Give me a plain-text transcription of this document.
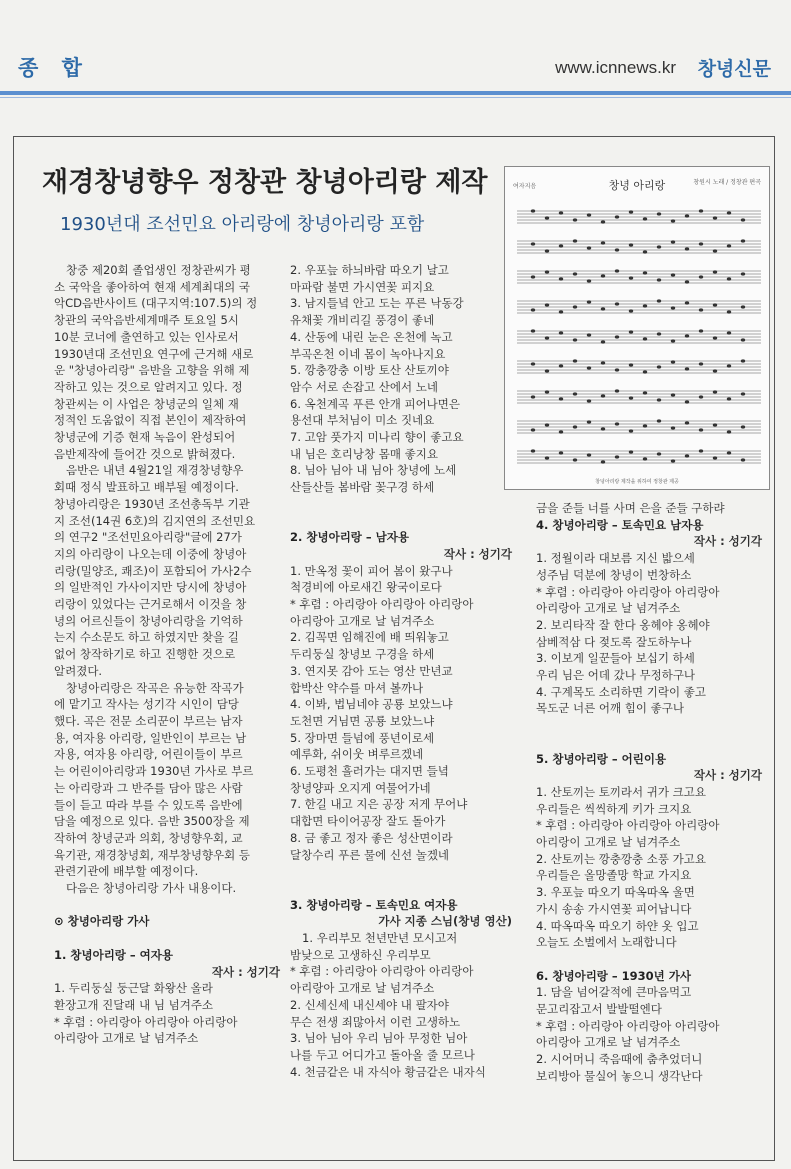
종 합	www.icnnews.kr 창녕신문
재경창녕향우 정창관 창녕아리랑 제작
1930년대 조선민요 아리랑에 창녕아리랑 포함
창녕 아리랑
여자지음
창원시 노래 / 정창관 편곡
창녕아리랑 제작을 위하여 정창관 제공

창중 제20회 졸업생인 정창관씨가 평

소 국악을 좋아하여 현재 세계최대의 국

악CD음반사이트 (대구지역:107.5)의 정

창관의 국악음반세계매주 토요일 5시

10분 코너에 출연하고 있는 인사로서

1930년대 조선민요 연구에 근거해 새로

운 "창녕아리랑" 음반을 고향을 위해 제

작하고 있는 것으로 알려지고 있다. 정

창관씨는 이 사업은 창녕군의 일체 재

정적인 도움없이 직접 본인이 제작하여

창녕군에 기증 현재 녹음이 완성되어

음반제작에 들어간 것으로 밝혀졌다.

음반은 내년 4월21일 재경창녕향우

회때 정식 발표하고 배부될 예정이다.

창녕아리랑은 1930년 조선총독부 기관

지 조선(14권 6호)의 김지연의 조선민요

의 연구2 "조선민요아리랑"글에 27가

지의 아리랑이 나오는데 이중에 창녕아

리랑(밀양조, 쾌조)이 포함되어 가사2수

의 일반적인 가사이지만 당시에 창녕아

리랑이 있었다는 근거로해서 이것을 창

녕의 어르신들이 창녕아리랑을 기억하

는지 수소문도 하고 하였지만 찾을 길

없어 창작하기로 하고 진행한 것으로

알려졌다.

창녕아리랑은 작곡은 유능한 작곡가

에 맡기고 작사는 성기각 시인이 담당

했다. 곡은 전문 소리꾼이 부르는 남자

용, 여자용 아리랑, 일반인이 부르는 남

자용, 여자용 아리랑, 어린이들이 부르

는 어린이아리랑과 1930년 가사로 부르

는 아리랑과 그 반주를 담아 많은 사람

들이 듣고 따라 부를 수 있도록 음반에

담을 예정으로 있다. 음반 3500장을 제

작하여 창녕군과 의회, 창녕향우회, 교

육기관, 재경창녕회, 재부창녕향우회 등

관련기관에 배부할 예정이다.

다음은 창녕아리랑 가사 내용이다.

⊙ 창녕아리랑 가사

1. 창녕아리랑 – 여자용

작사 : 성기각

1. 두리둥실 둥근달 화왕산 올라

환장고개 진달래 내 님 넘겨주소

* 후렴 : 아리랑아 아리랑아 아리랑아

아리랑아 고개로 날 넘겨주소

2. 우포늪 하늬바람 따오기 날고

마파람 불면 가시연꽃 피지요

3. 남지들녘 안고 도는 푸른 낙동강

유채꽃 개비리길 풍경이 좋네

4. 산동에 내린 눈은 온천에 녹고

부곡온천 이네 몸이 녹아나지요

5. 깡충깡충 이방 토산 산토끼야

암수 서로 손잡고 산에서 노네

6. 옥천계곡 푸른 안개 피어나면은

용선대 부처님이 미소 짓네요

7. 고암 풋가지 미나리 향이 좋고요

내 님은 호리낭창 몸매 좋지요

8. 님아 님아 내 님아 창녕에 노세

산들산들 봄바람 꽃구경 하세

2. 창녕아리랑 – 남자용

작사 : 성기각

1. 만옥정 꽃이 피어 봄이 왔구나

척경비에 아로새긴 왕국이로다

* 후렴 : 아리랑아 아리랑아 아리랑아

아리랑아 고개로 날 넘겨주소

2. 김꼭면 임해진에 배 띄워놓고

두리둥실 창녕보 구경을 하세

3. 연지못 감아 도는 영산 만년교

합박산 약수를 마셔 볼까나

4. 이봐, 법님네야 공룡 보았느냐

도천면 거님면 공룡 보았느냐

5. 장마면 들넘에 풍년이로세

예루화, 쉬이웃 벼루르겠네

6. 도평천 흘러가는 대지면 들녘

창녕양파 오지게 여물어가네

7. 한길 내고 지은 공장 저게 무어냐

대합면 타이어공장 잘도 돌아가

8. 금 좋고 정자 좋은 성산면이라

달창수리 푸른 물에 신선 놀겠네

3. 창녕아리랑 – 토속민요 여자용

가사 지종 스님(창녕 영산)

1. 우리부모 천년만년 모시고저

밤낮으로 고생하신 우리부모

* 후렴 : 아리랑아 아리랑아 아리랑아

아리랑아 고개로 날 넘겨주소

2. 신세신세 내신세야 내 팔자야

무슨 전생 죄많아서 이런 고생하노

3. 님아 님아 우리 님아 무정한 님아

나를 두고 어디가고 돌아올 줄 모르나

4. 천금같은 내 자식아 황금같은 내자식

금을 준들 너를 사며 은을 준들 구하랴

4. 창녕아리랑 – 토속민요 남자용

작사 : 성기각

1. 정월이라 대보름 지신 밟으세

성주님 덕분에 창녕이 번창하소

* 후렴 : 아리랑아 아리랑아 아리랑아

아리랑아 고개로 날 넘겨주소

2. 보리타작 잘 한다 옹헤야 옹헤야

삼베적삼 다 젖도록 잘도하누나

3. 이보게 일꾼들아 보십기 하세

우리 님은 어데 갔나 무정하구나

4. 구계목도 소리하면 기락이 좋고

목도군 너른 어깨 힘이 좋구나

5. 창녕아리랑 – 어린이용

작사 : 성기각

1. 산토끼는 토끼라서 귀가 크고요

우리들은 씩씩하게 키가 크지요

* 후렴 : 아리랑아 아리랑아 아리랑아

아리랑이 고개로 날 넘겨주소

2. 산토끼는 깡충깡충 소풍 가고요

우리들은 올망졸망 학교 가지요

3. 우포늪 따오기 따옥따옥 울면

가시 송송 가시연꽃 피어납니다

4. 따옥따옥 따오기 하얀 옷 입고

오늘도 소벌에서 노래합니다

6. 창녕아리랑 – 1930년 가사

1. 담을 넘어갈적에 큰마음먹고

문고리잡고서 발발떨엔다

* 후렴 : 아리랑아 아리랑아 아리랑아

아리랑아 고개로 날 넘겨주소

2. 시어머니 죽음때에 춤추었더니

보리방아 물실어 놓으니 생각난다
